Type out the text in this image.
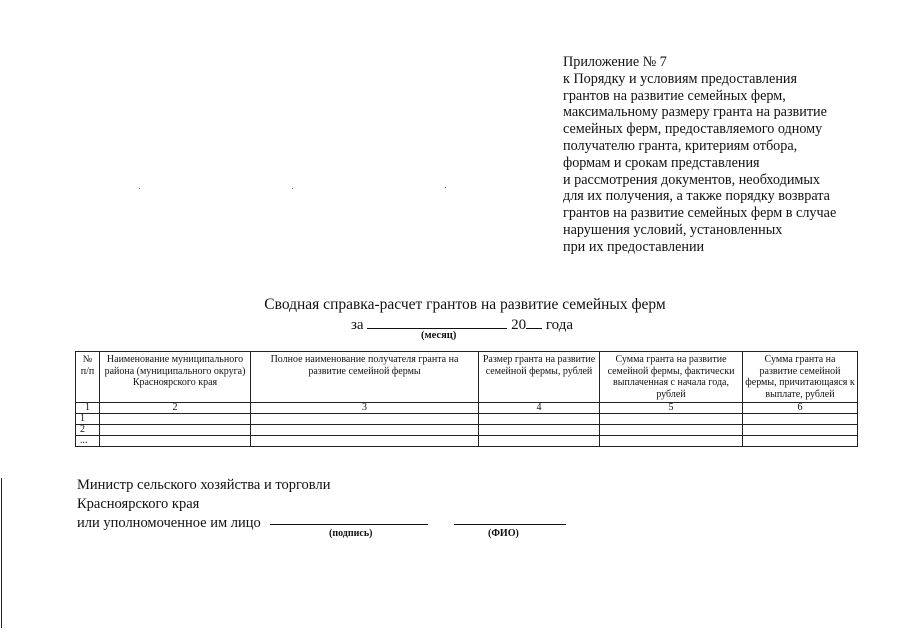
Приложение № 7
к Порядку и условиям предоставления
грантов на развитие семейных ферм,
максимальному размеру гранта на развитие
семейных ферм, предоставляемого одному
получателю гранта, критериям отбора,
формам и срокам представления
и рассмотрения документов, необходимых
для их получения, а также порядку возврата
грантов на развитие семейных ферм в случае
нарушения условий, установленных
при их предоставлении
Сводная справка-расчет грантов на развитие семейных ферм
за	20 года
(месяц)
№ п/п	Наименование муниципального района (муниципального округа) Красноярского края	Полное наименование получателя гранта на развитие семейной фермы	Размер гранта на развитие семейной фермы, рублей	Сумма гранта на развитие семейной фермы, фактически выплаченная с начала года, рублей	Сумма гранта на развитие семейной фермы, причитающаяся к выплате, рублей
1	2	3	4	5	6
1					
2					
...					
Министр сельского хозяйства и торговли
Красноярского края
или уполномоченное им лицо
(подпись)	(ФИО)
